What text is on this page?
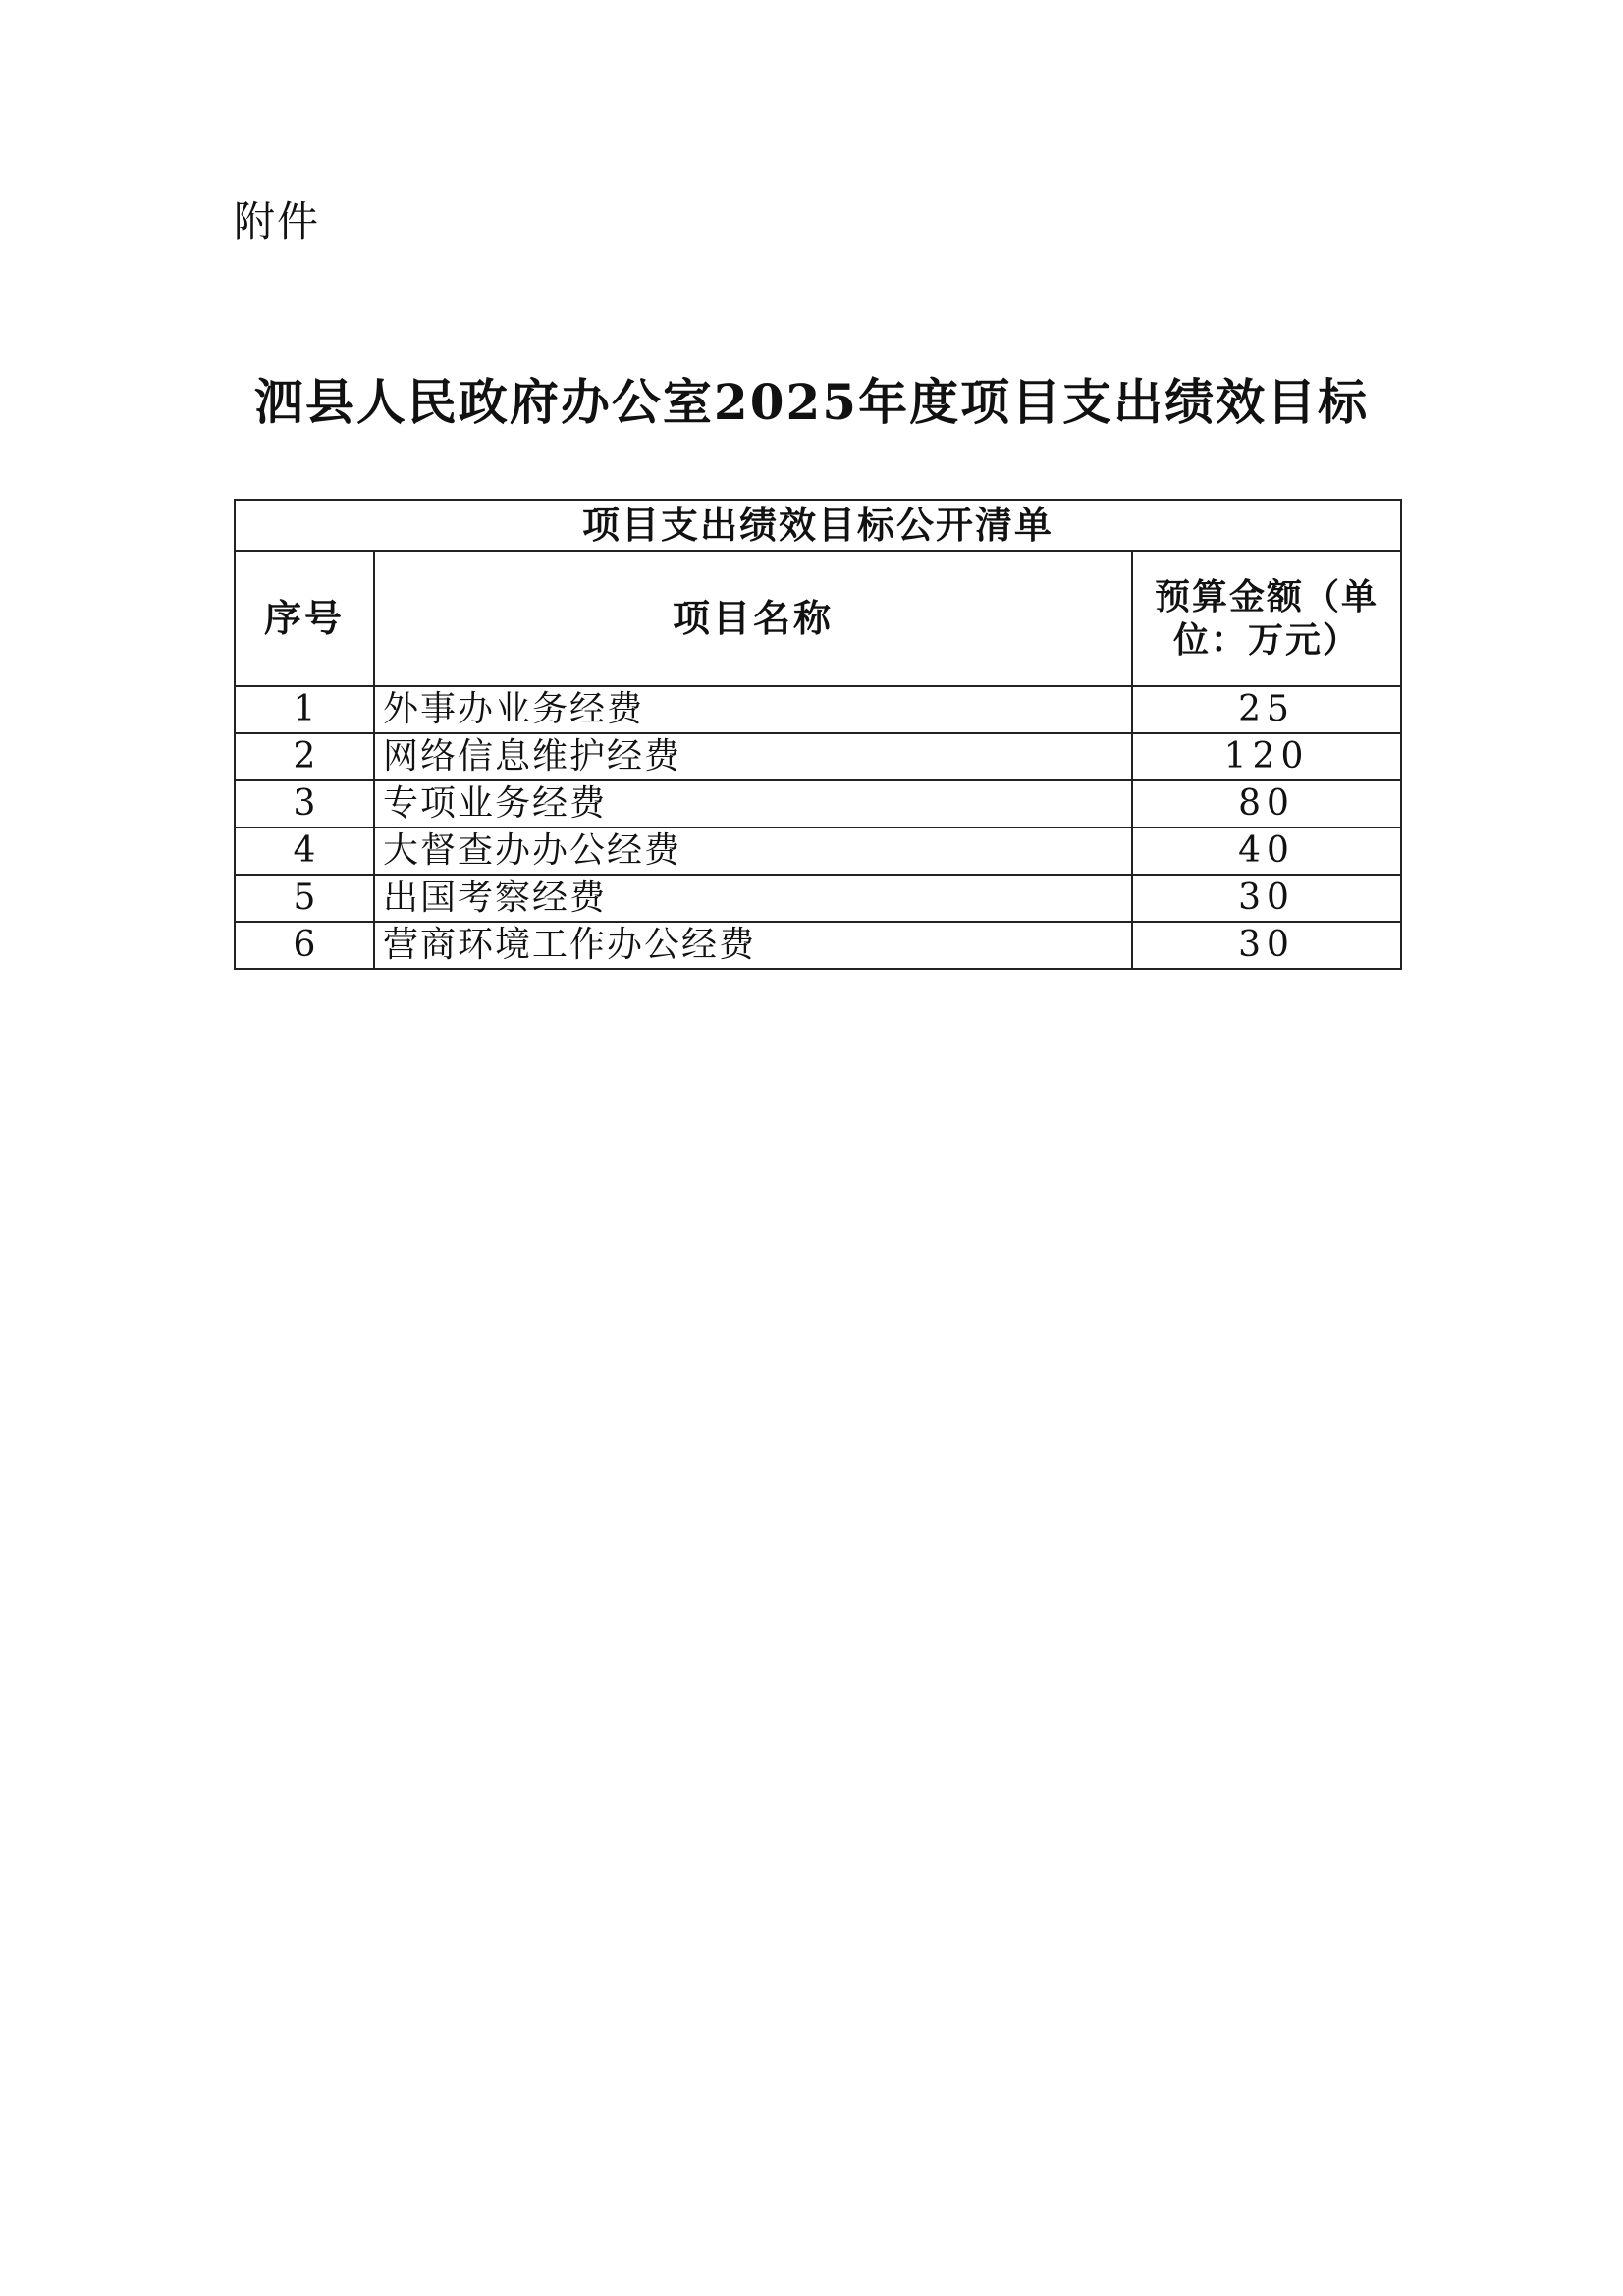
附件
泗县人民政府办公室2025年度项目支出绩效目标
项目支出绩效目标公开清单		
序号	项目名称	预算金额（单位：万元）
1	外事办业务经费	25
2	网络信息维护经费	120
3	专项业务经费	80
4	大督查办办公经费	40
5	出国考察经费	30
6	营商环境工作办公经费	30
